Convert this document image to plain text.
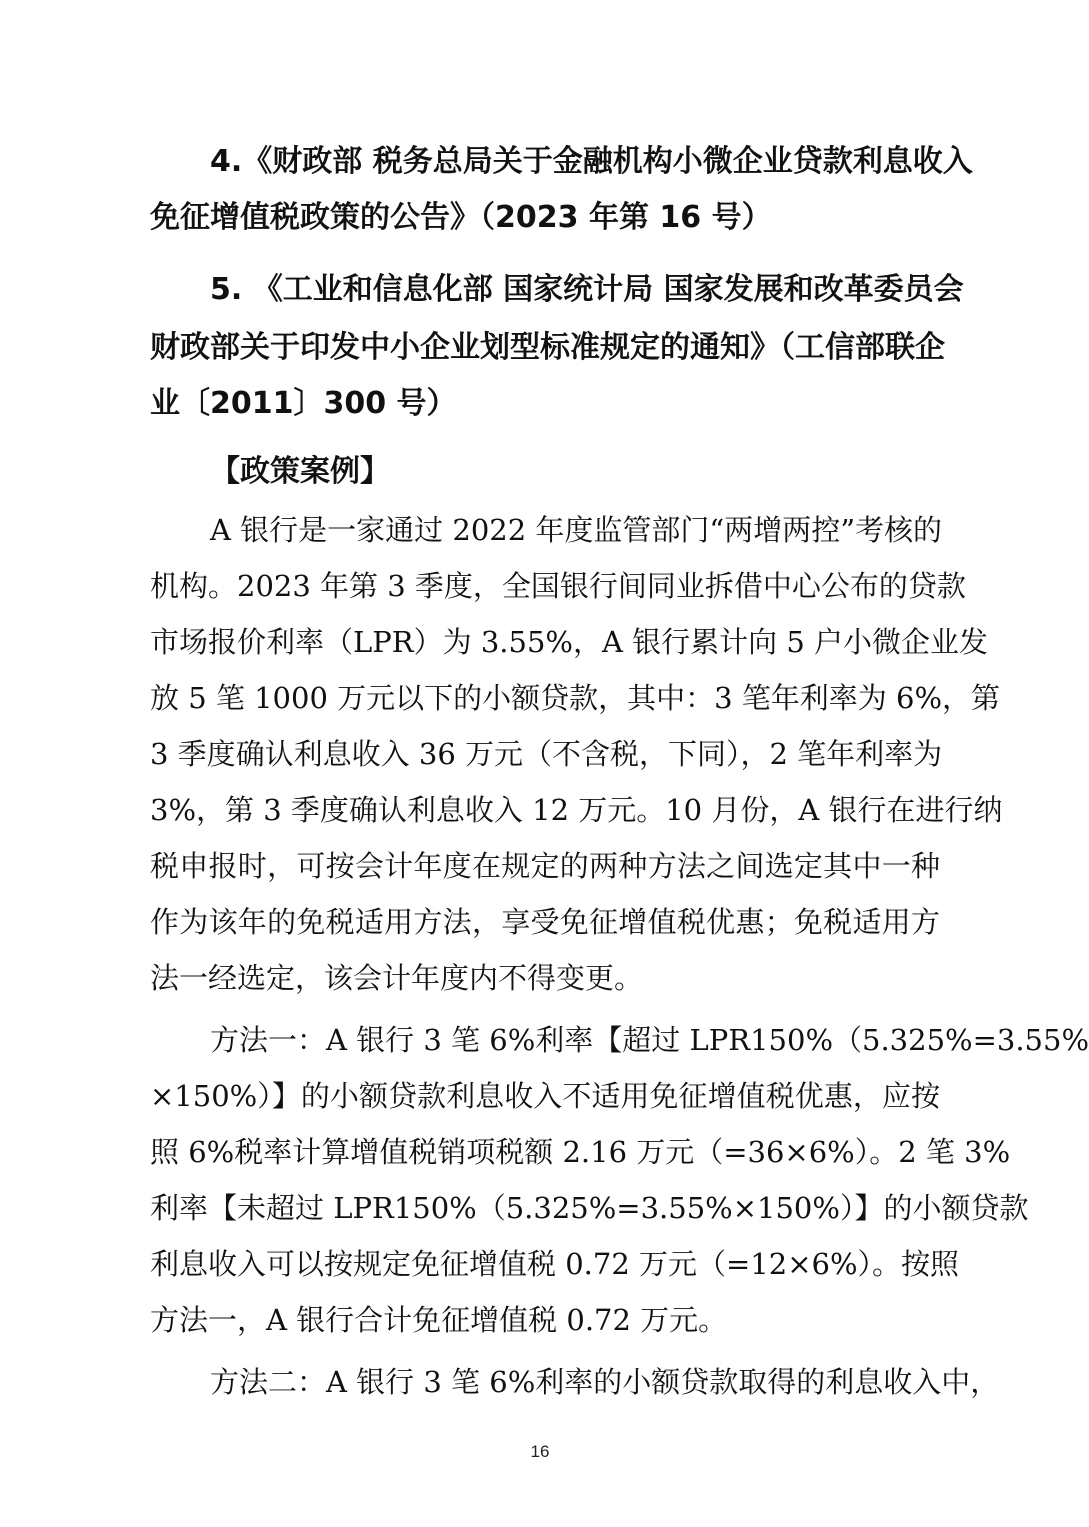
4.《财政部 税务总局关于金融机构小微企业贷款利息收入
免征增值税政策的公告》（2023 年第 16 号）
5. 《工业和信息化部 国家统计局 国家发展和改革委员会
财政部关于印发中小企业划型标准规定的通知》（工信部联企
业〔2011〕300 号）
【政策案例】
A 银行是一家通过 2022 年度监管部门“两增两控”考核的
机构。2023 年第 3 季度，全国银行间同业拆借中心公布的贷款
市场报价利率（LPR）为 3.55%，A 银行累计向 5 户小微企业发
放 5 笔 1000 万元以下的小额贷款，其中：3 笔年利率为 6%，第
3 季度确认利息收入 36 万元（不含税，下同），2 笔年利率为
3%，第 3 季度确认利息收入 12 万元。10 月份，A 银行在进行纳
税申报时，可按会计年度在规定的两种方法之间选定其中一种
作为该年的免税适用方法，享受免征增值税优惠；免税适用方
法一经选定，该会计年度内不得变更。
方法一：A 银行 3 笔 6%利率【超过 LPR150%（5.325%=3.55%
×150%）】的小额贷款利息收入不适用免征增值税优惠，应按
照 6%税率计算增值税销项税额 2.16 万元（=36×6%）。2 笔 3%
利率【未超过 LPR150%（5.325%=3.55%×150%）】的小额贷款
利息收入可以按规定免征增值税 0.72 万元（=12×6%）。按照
方法一，A 银行合计免征增值税 0.72 万元。
方法二：A 银行 3 笔 6%利率的小额贷款取得的利息收入中，
16
